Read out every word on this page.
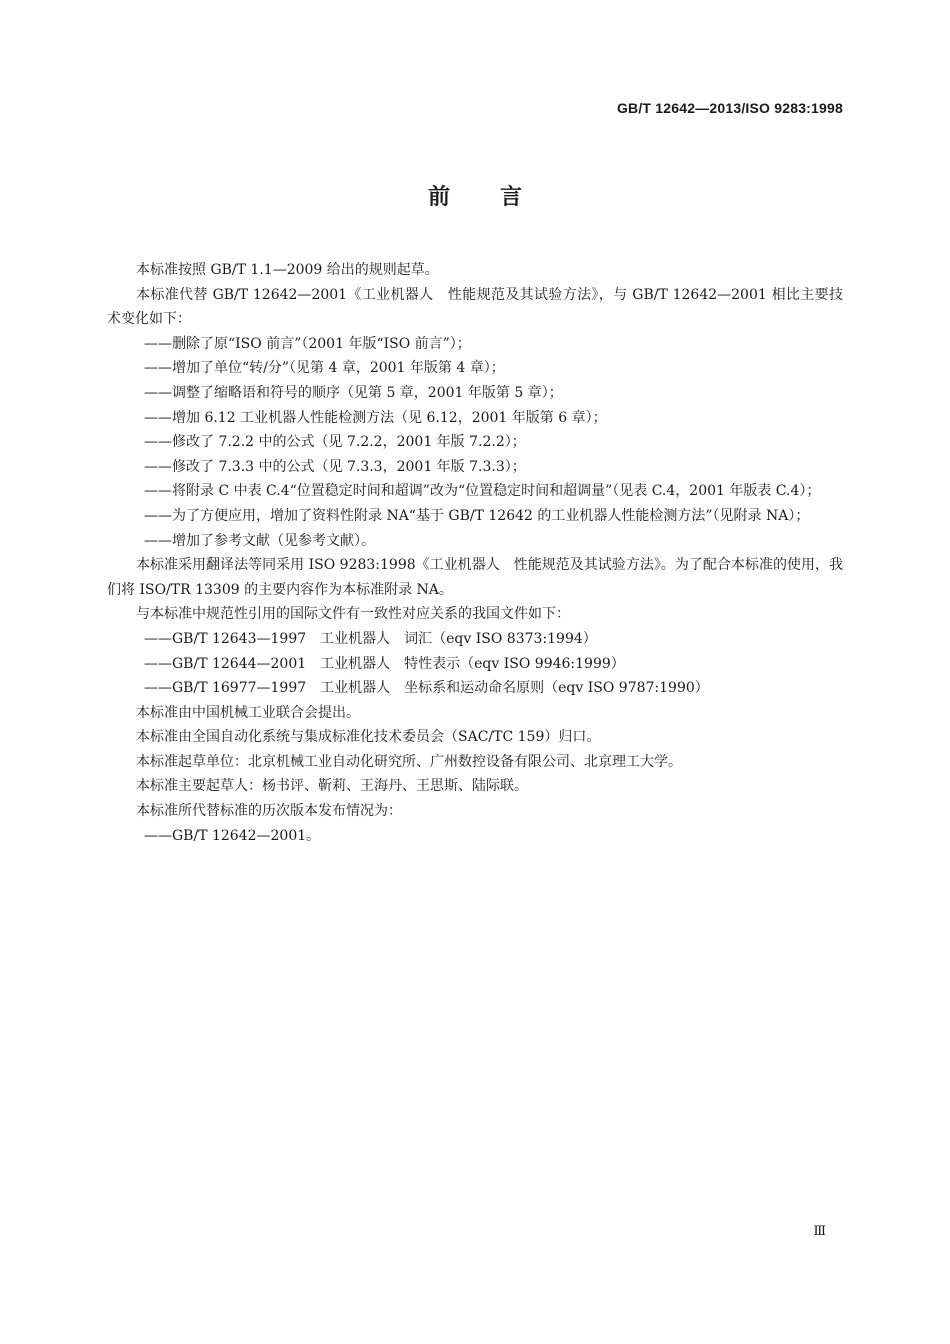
GB/T 12642—2013/ISO 9283:1998
前言

本标准按照 GB/T 1.1—2009 给出的规则起草。

本标准代替 GB/T 12642—2001《工业机器人　性能规范及其试验方法》，与 GB/T 12642—2001 相比主要技术变化如下：

——删除了原“ISO 前言”（2001 年版“ISO 前言”）；

——增加了单位“转/分”（见第 4 章，2001 年版第 4 章）；

——调整了缩略语和符号的顺序（见第 5 章，2001 年版第 5 章）；

——增加 6.12 工业机器人性能检测方法（见 6.12，2001 年版第 6 章）；

——修改了 7.2.2 中的公式（见 7.2.2，2001 年版 7.2.2）；

——修改了 7.3.3 中的公式（见 7.3.3，2001 年版 7.3.3）；

——将附录 C 中表 C.4“位置稳定时间和超调”改为“位置稳定时间和超调量”（见表 C.4，2001 年版表 C.4）；

——为了方便应用，增加了资料性附录 NA“基于 GB/T 12642 的工业机器人性能检测方法”（见附录 NA）；

——增加了参考文献（见参考文献）。

本标准采用翻译法等同采用 ISO 9283:1998《工业机器人　性能规范及其试验方法》。为了配合本标准的使用，我们将 ISO/TR 13309 的主要内容作为本标准附录 NA。

与本标准中规范性引用的国际文件有一致性对应关系的我国文件如下：

——GB/T 12643—1997　工业机器人　词汇（eqv ISO 8373:1994）

——GB/T 12644—2001　工业机器人　特性表示（eqv ISO 9946:1999）

——GB/T 16977—1997　工业机器人　坐标系和运动命名原则（eqv ISO 9787:1990）

本标准由中国机械工业联合会提出。

本标准由全国自动化系统与集成标准化技术委员会（SAC/TC 159）归口。

本标准起草单位：北京机械工业自动化研究所、广州数控设备有限公司、北京理工大学。

本标准主要起草人：杨书评、靳莉、王海丹、王思斯、陆际联。

本标准所代替标准的历次版本发布情况为：

——GB/T 12642—2001。

Ⅲ
